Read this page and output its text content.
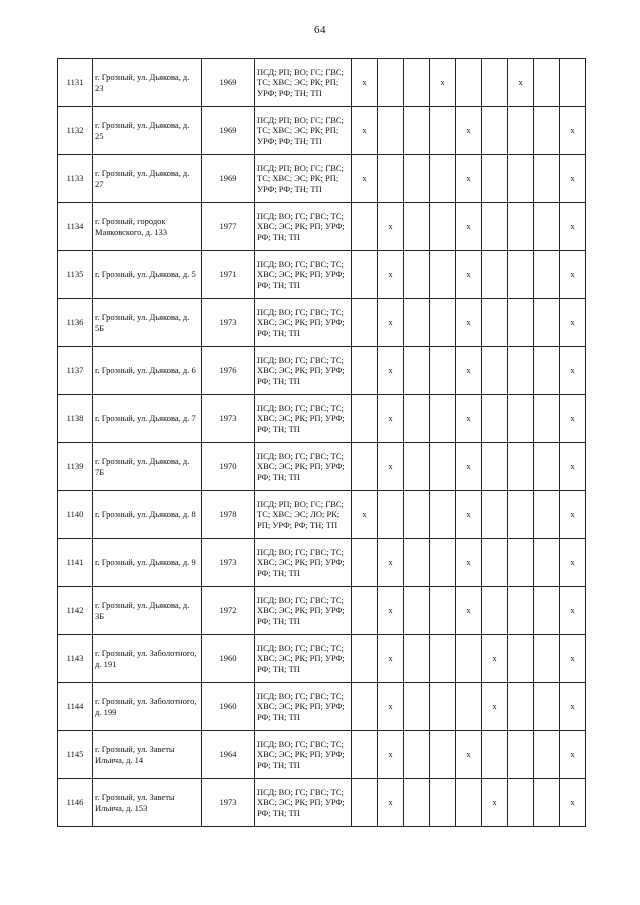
64
1131	г. Грозный, ул. Дьякова, д. 23	1969	ПСД; РП; ВО; ГС; ГВС; ТС; ХВС; ЭС; РК; РП; УРФ; РФ; ТН; ТП	х			х			х		
1132	г. Грозный, ул. Дьякова, д. 25	1969	ПСД; РП; ВО; ГС; ГВС; ТС; ХВС; ЭС; РК; РП; УРФ; РФ; ТН; ТП	х				х				х
1133	г. Грозный, ул. Дьякова, д. 27	1969	ПСД; РП; ВО; ГС; ГВС; ТС; ХВС; ЭС; РК; РП; УРФ; РФ; ТН; ТП	х				х				х
1134	г. Грозный, городок Маяковского, д. 133	1977	ПСД; ВО; ГС; ГВС; ТС; ХВС; ЭС; РК; РП; УРФ; РФ; ТН; ТП		х			х				х
1135	г. Грозный, ул. Дьякова, д. 5	1971	ПСД; ВО; ГС; ГВС; ТС; ХВС; ЭС; РК; РП; УРФ; РФ; ТН; ТП		х			х				х
1136	г. Грозный, ул. Дьякова, д. 5Б	1973	ПСД; ВО; ГС; ГВС; ТС; ХВС; ЭС; РК; РП; УРФ; РФ; ТН; ТП		х			х				х
1137	г. Грозный, ул. Дьякова, д. 6	1976	ПСД; ВО; ГС; ГВС; ТС; ХВС; ЭС; РК; РП; УРФ; РФ; ТН; ТП		х			х				х
1138	г. Грозный, ул. Дьякова, д. 7	1973	ПСД; ВО; ГС; ГВС; ТС; ХВС; ЭС; РК; РП; УРФ; РФ; ТН; ТП		х			х				х
1139	г. Грозный, ул. Дьякова, д. 7Б	1970	ПСД; ВО; ГС; ГВС; ТС; ХВС; ЭС; РК; РП; УРФ; РФ; ТН; ТП		х			х				х
1140	г. Грозный, ул. Дьякова, д. 8	1978	ПСД; РП; ВО; ГС; ГВС; ТС; ХВС; ЭС; ЛО; РК; РП; УРФ; РФ; ТН; ТП	х				х				х
1141	г. Грозный, ул. Дьякова, д. 9	1973	ПСД; ВО; ГС; ГВС; ТС; ХВС; ЭС; РК; РП; УРФ; РФ; ТН; ТП		х			х				х
1142	г. Грозный, ул. Дьякова, д. 3Б	1972	ПСД; ВО; ГС; ГВС; ТС; ХВС; ЭС; РК; РП; УРФ; РФ; ТН; ТП		х			х				х
1143	г. Грозный, ул. Заболотного, д. 191	1960	ПСД; ВО; ГС; ГВС; ТС; ХВС; ЭС; РК; РП; УРФ; РФ; ТН; ТП		х				х			х
1144	г. Грозный, ул. Заболотного, д. 199	1960	ПСД; ВО; ГС; ГВС; ТС; ХВС; ЭС; РК; РП; УРФ; РФ; ТН; ТП		х				х			х
1145	г. Грозный, ул. Заветы Ильича, д. 14	1964	ПСД; ВО; ГС; ГВС; ТС; ХВС; ЭС; РК; РП; УРФ; РФ; ТН; ТП		х			х				х
1146	г. Грозный, ул. Заветы Ильича, д. 153	1973	ПСД; ВО; ГС; ГВС; ТС; ХВС; ЭС; РК; РП; УРФ; РФ; ТН; ТП		х				х			х
